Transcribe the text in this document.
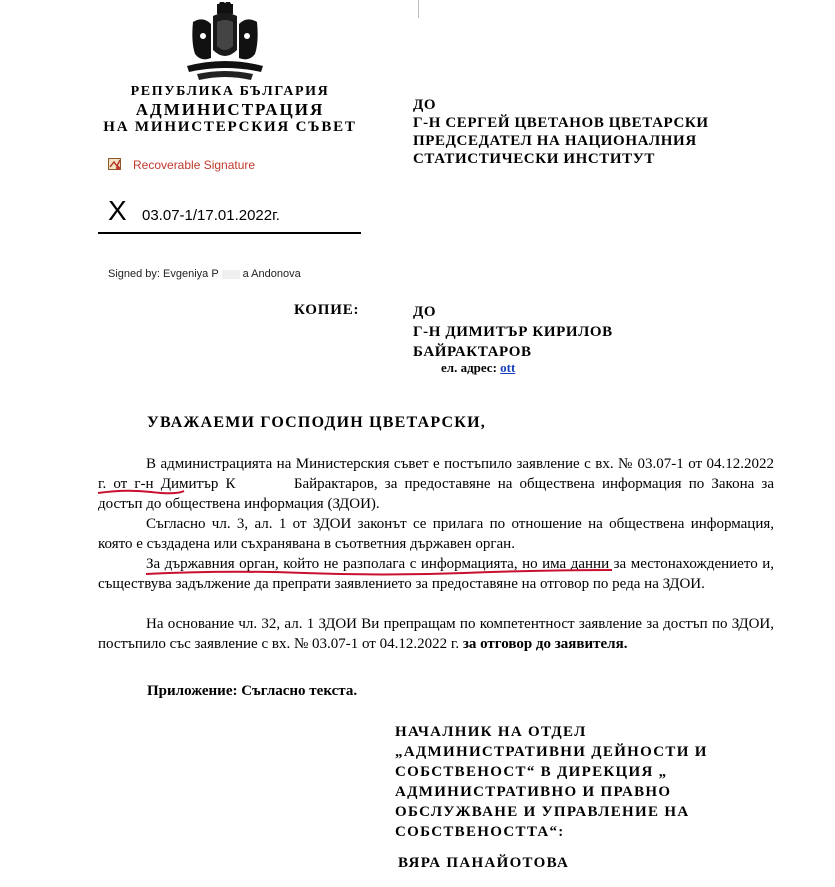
РЕПУБЛИКА БЪЛГАРИЯ
АДМИНИСТРАЦИЯ
НА МИНИСТЕРСКИЯ СЪВЕТ
ДО
Г-Н СЕРГЕЙ ЦВЕТАНОВ ЦВЕТАРСКИ
ПРЕДСЕДАТЕЛ НА НАЦИОНАЛНИЯ
СТАТИСТИЧЕСКИ ИНСТИТУТ
Recoverable Signature
X 03.07-1/17.01.2022г.
Signed by: Evgeniya P a Andonova
КОПИЕ:	ДО
Г-Н ДИМИТЪР КИРИЛОВ
БАЙРАКТАРОВ
ел. адрес: ott
УВАЖАЕМИ ГОСПОДИН ЦВЕТАРСКИ,
В администрацията на Министерския съвет е постъпило заявление с вх. № 03.07-1 от 04.12.2022 г. от г-н Димитър К	Байрактаров, за предоставяне на обществена информация по Закона за достъп до обществена информация (ЗДОИ).
Съгласно чл. 3, ал. 1 от ЗДОИ законът се прилага по отношение на обществена информация, която е създадена или съхранявана в съответния държавен орган.
За държавния орган, който не разполага с информацията, но има данни за местонахождението и, съществува задължение да препрати заявлението за предоставяне на отговор по реда на ЗДОИ.
На основание чл. 32, ал. 1 ЗДОИ Ви препращам по компетентност заявление за достъп по ЗДОИ, постъпило със заявление с вх. № 03.07-1 от 04.12.2022 г. за отговор до заявителя.
Приложение: Съгласно текста.
НАЧАЛНИК НА ОТДЕЛ
„АДМИНИСТРАТИВНИ ДЕЙНОСТИ И
СОБСТВЕНОСТ“ В ДИРЕКЦИЯ „
АДМИНИСТРАТИВНО И ПРАВНО
ОБСЛУЖВАНЕ И УПРАВЛЕНИЕ НА
СОБСТВЕНОСТТА“:
ВЯРА ПАНАЙОТОВА
